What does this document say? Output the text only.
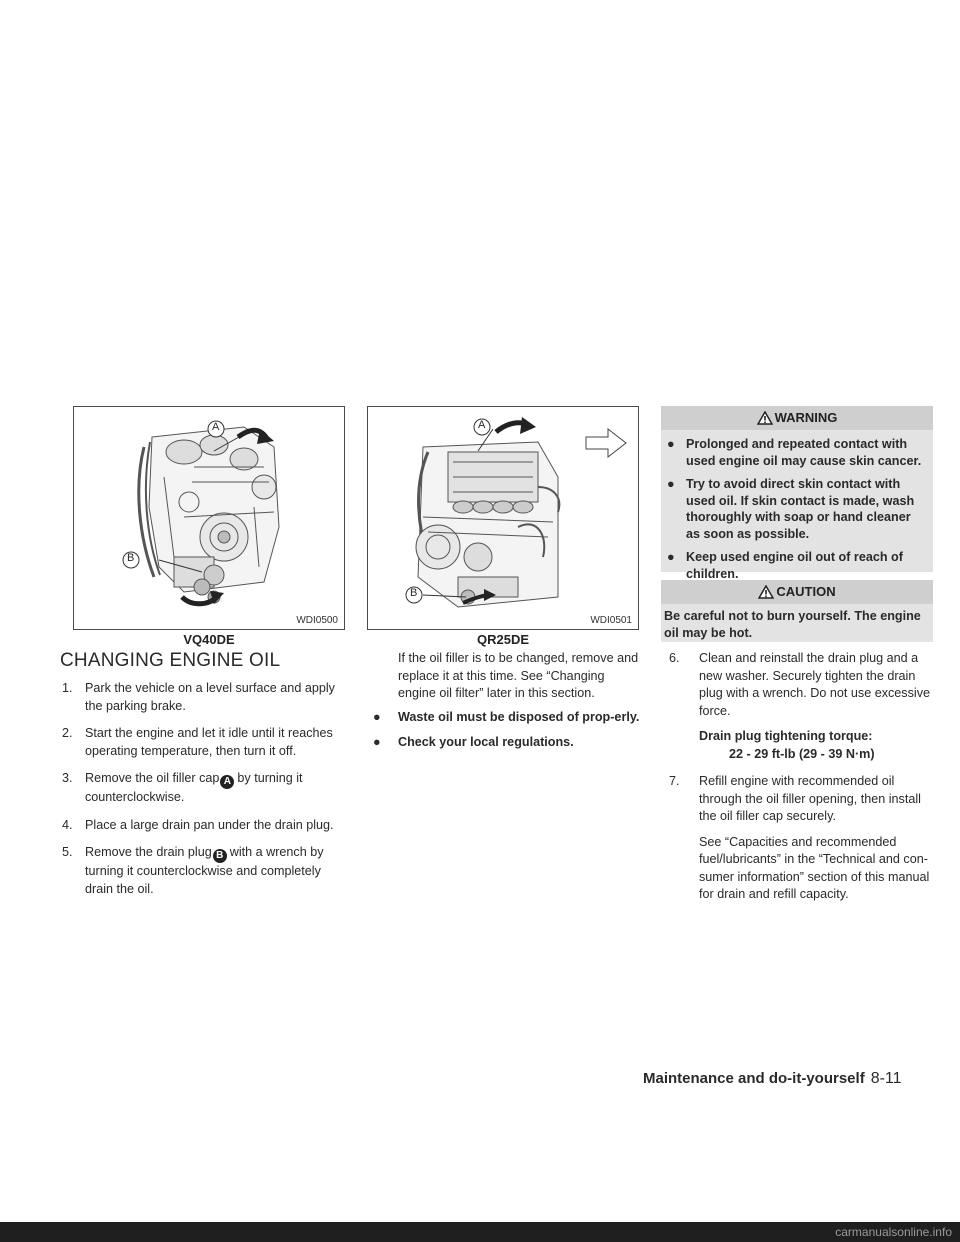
A
B
WDI0500
VQ40DE
A
B
WDI0501
QR25DE
CHANGING ENGINE OIL
1. Park the vehicle on a level surface and apply the parking brake.
2. Start the engine and let it idle until it reaches operating temperature, then turn it off.
3. Remove the oil filler cap A by turning it counterclockwise.
4. Place a large drain pan under the drain plug.
5. Remove the drain plug B with a wrench by turning it counterclockwise and completely drain the oil.

If the oil filler is to be changed, remove and replace it at this time. See “Changing engine oil filter” later in this section.

● Waste oil must be disposed of prop-erly.
● Check your local regulations.
WARNING
● Prolonged and repeated contact with used engine oil may cause skin cancer.
● Try to avoid direct skin contact with used oil. If skin contact is made, wash thoroughly with soap or hand cleaner as soon as possible.
● Keep used engine oil out of reach of children.
CAUTION
Be careful not to burn yourself. The engine oil may be hot.
6. Clean and reinstall the drain plug and a new washer. Securely tighten the drain plug with a wrench. Do not use excessive force.
Drain plug tightening torque:
22 - 29 ft-lb (29 - 39 N·m)
7. Refill engine with recommended oil through the oil filler opening, then install the oil filler cap securely.
See “Capacities and recommended fuel/lubricants” in the “Technical and con-sumer information” section of this manual for drain and refill capacity.
Maintenance and do-it-yourself 8-11
carmanualsonline.info
